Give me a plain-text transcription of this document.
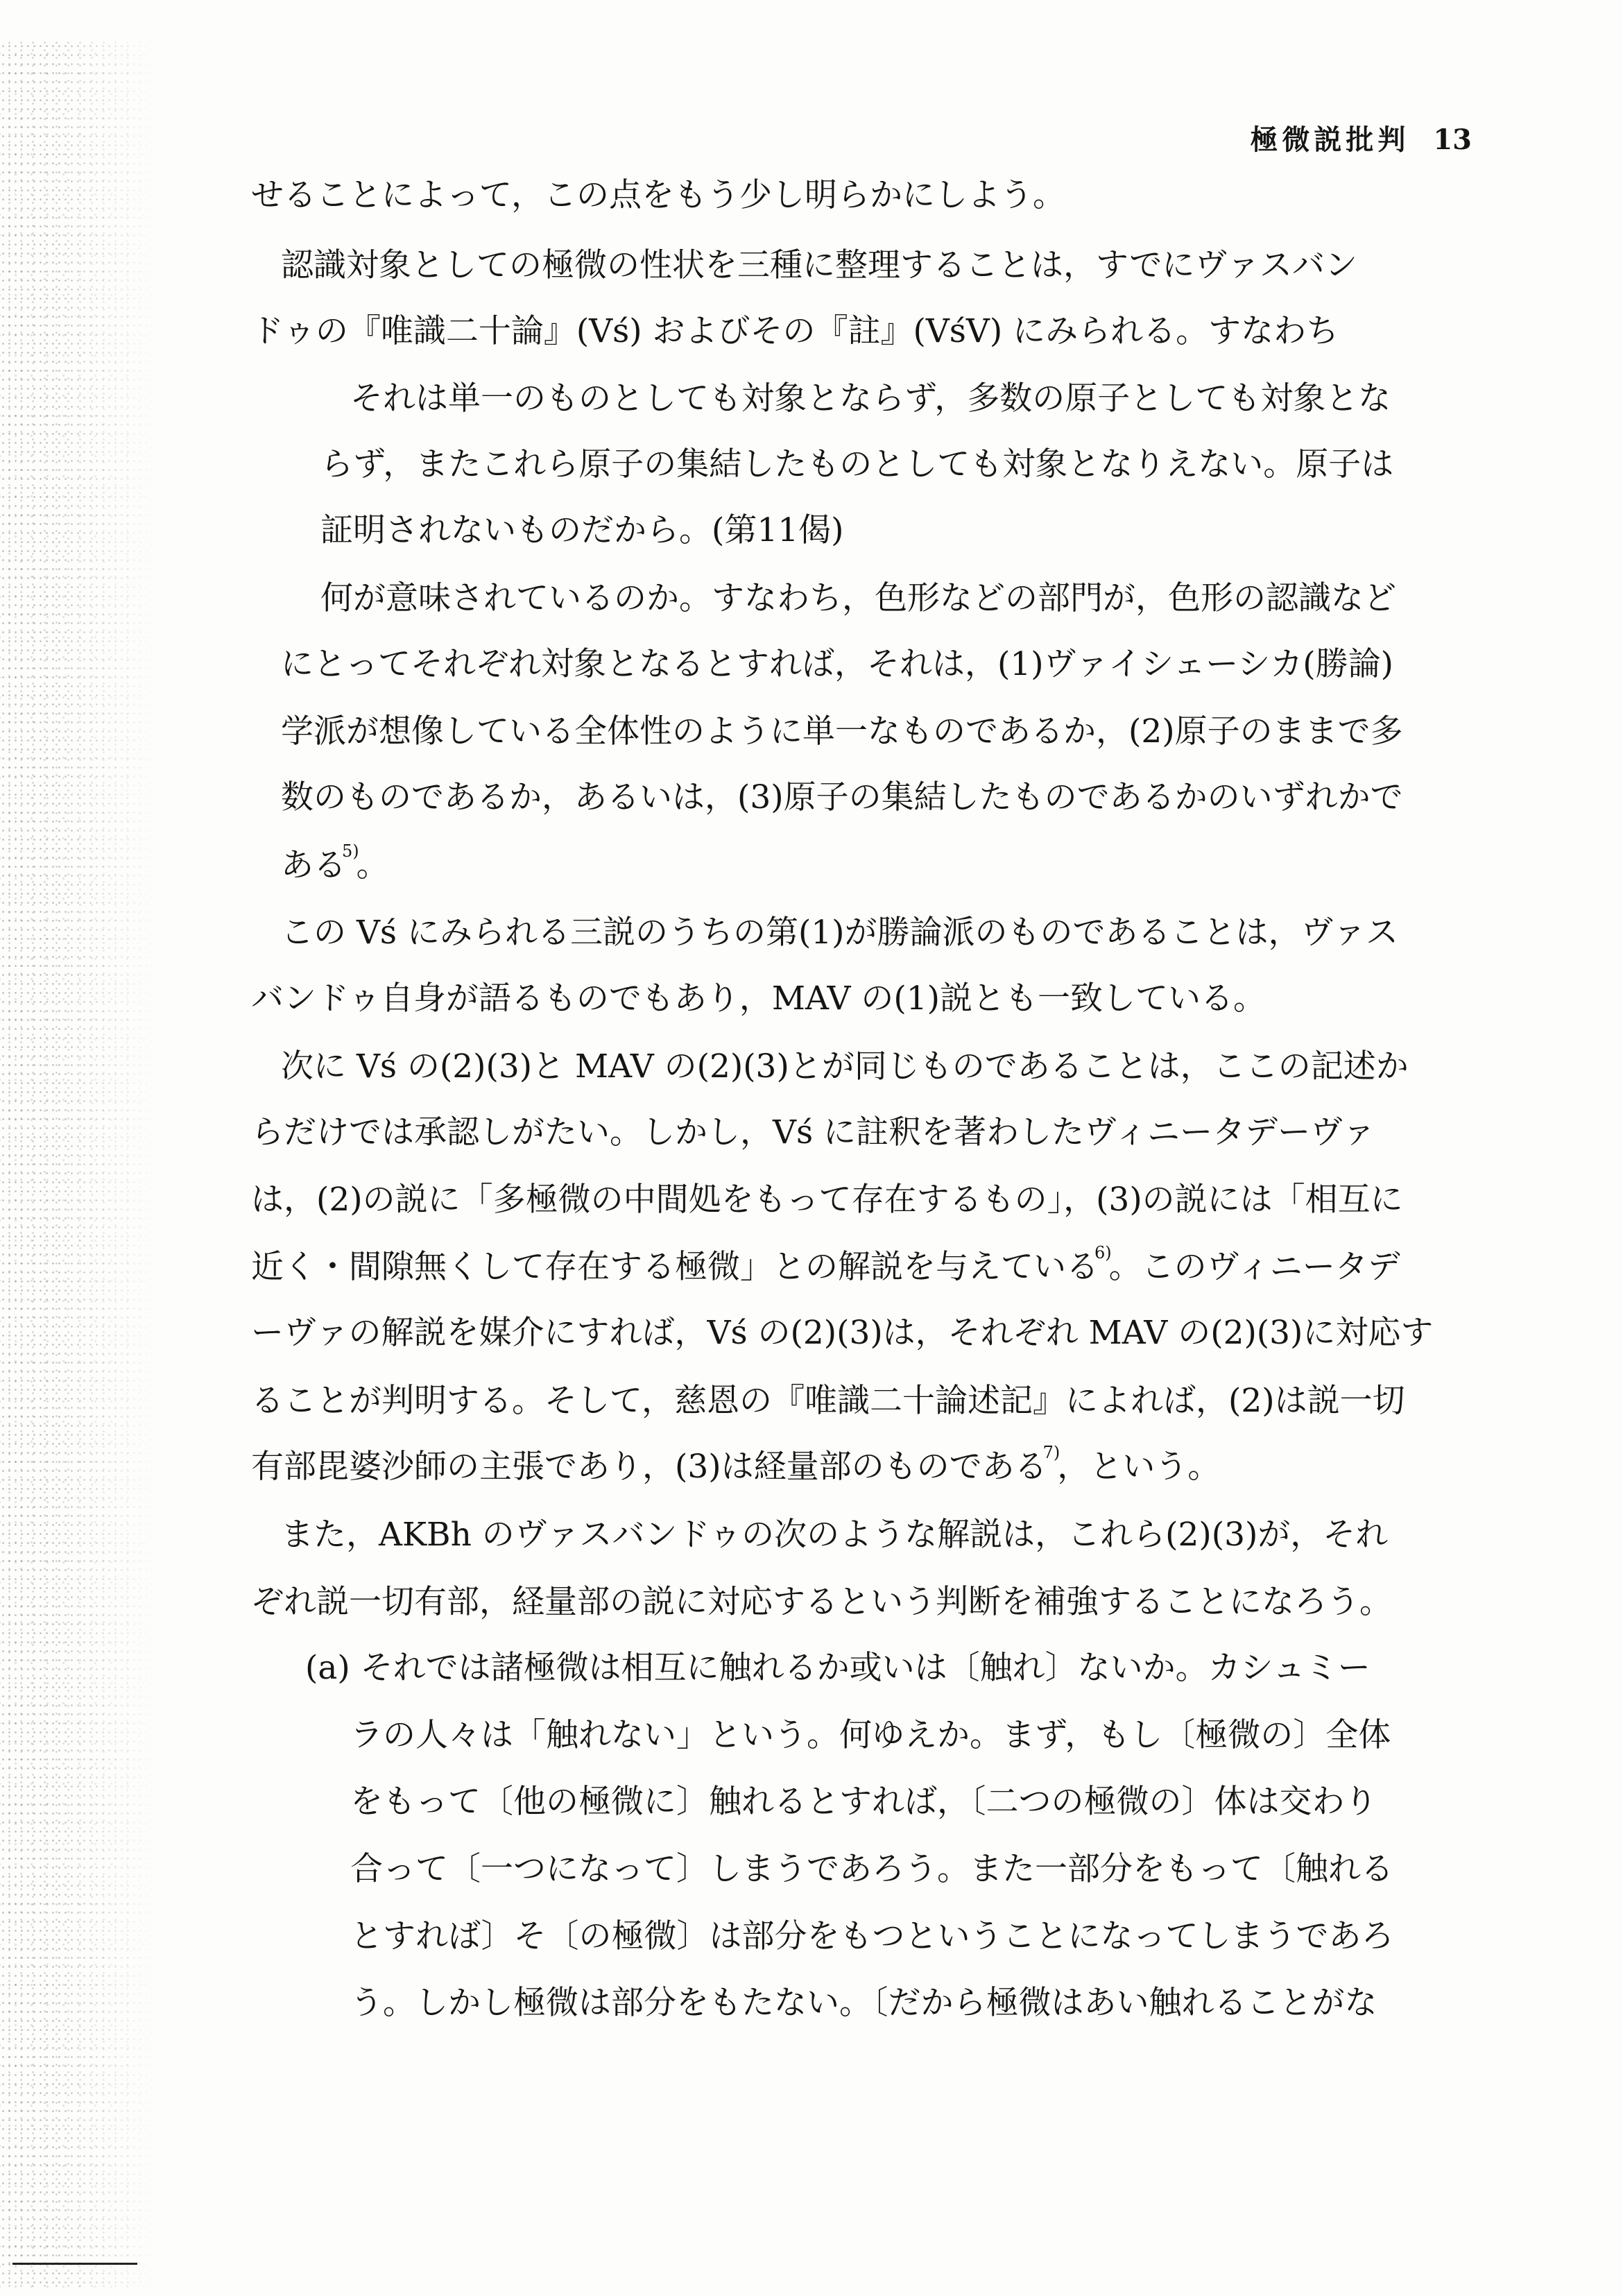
極微説批判 13
せることによって，この点をもう少し明らかにしよう。
認識対象としての極微の性状を三種に整理することは，すでにヴァスバン
ドゥの『唯識二十論』(Vś) およびその『註』(VśV) にみられる。すなわち
それは単一のものとしても対象とならず，多数の原子としても対象とな
らず，またこれら原子の集結したものとしても対象となりえない。原子は
証明されないものだから。(第11偈)
何が意味されているのか。すなわち，色形などの部門が，色形の認識など
にとってそれぞれ対象となるとすれば，それは，(1)ヴァイシェーシカ(勝論)
学派が想像している全体性のように単一なものであるか，(2)原子のままで多
数のものであるか，あるいは，(3)原子の集結したものであるかのいずれかで
ある$^{5)}$。
この Vś にみられる三説のうちの第(1)が勝論派のものであることは，ヴァス
バンドゥ自身が語るものでもあり，MAV の(1)説とも一致している。
次に Vś の(2)(3)と MAV の(2)(3)とが同じものであることは，ここの記述か
らだけでは承認しがたい。しかし，Vś に註釈を著わしたヴィニータデーヴァ
は，(2)の説に「多極微の中間処をもって存在するもの」，(3)の説には「相互に
近く・間隙無くして存在する極微」との解説を与えている$^{6)}$。このヴィニータデ
ーヴァの解説を媒介にすれば，Vś の(2)(3)は，それぞれ MAV の(2)(3)に対応す
ることが判明する。そして，慈恩の『唯識二十論述記』によれば，(2)は説一切
有部毘婆沙師の主張であり，(3)は経量部のものである$^{7)}$，という。
また，AKBh のヴァスバンドゥの次のような解説は，これら(2)(3)が，それ
ぞれ説一切有部，経量部の説に対応するという判断を補強することになろう。
(a) それでは諸極微は相互に触れるか或いは〔触れ〕ないか。カシュミー
ラの人々は「触れない」という。何ゆえか。まず，もし〔極微の〕全体
をもって〔他の極微に〕触れるとすれば，〔二つの極微の〕体は交わり
合って〔一つになって〕しまうであろう。また一部分をもって〔触れる
とすれば〕そ〔の極微〕は部分をもつということになってしまうであろ
う。しかし極微は部分をもたない。〔だから極微はあい触れることがな
